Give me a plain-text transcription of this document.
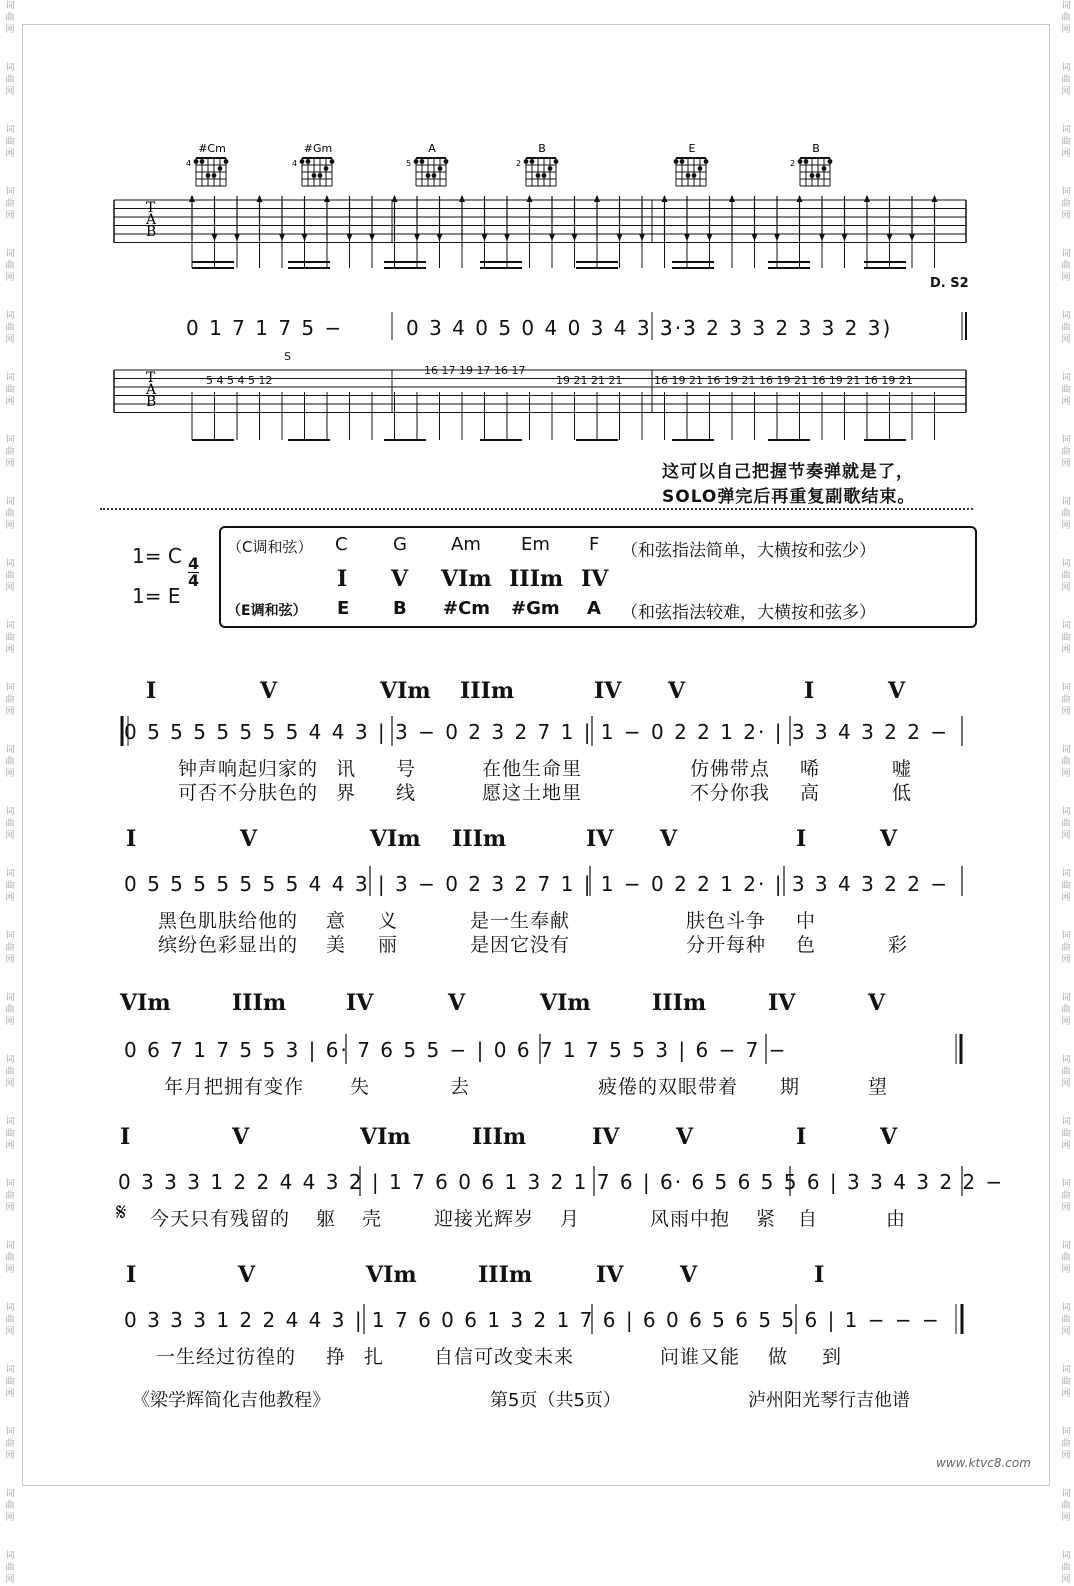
词
曲
网
词
曲
网
词
曲
网
词
曲
网
词
曲
网
词
曲
网
词
曲
网
词
曲
网
词
曲
网
词
曲
网
词
曲
网
词
曲
网
词
曲
网
词
曲
网
词
曲
网
词
曲
网
词
曲
网
词
曲
网
词
曲
网
词
曲
网
词
曲
网
词
曲
网
词
曲
网
词
曲
网
词
曲
网
词
曲
网
词
曲
网
词
曲
网
词
曲
网
词
曲
网
词
曲
网
词
曲
网
词
曲
网
词
曲
网
词
曲
网
词
曲
网
词
曲
网
词
曲
网
词
曲
网
词
曲
网
词
曲
网
词
曲
网
词
曲
网
词
曲
网
词
曲
网
词
曲
网
词
曲
网
词
曲
网
词
曲
网
词
曲
网
词
曲
网
词
曲
网
#Cm
4
#Gm
4
A
5
B
2
E	B
2
T
A
B
T
A
B
D. S2
0 1 7 1 7 5 −	0 3 4 0 5 0 4 0 3 4 3 3 3
3·3 2 3 3 2 3 3 2 3)
S
5 4 5 4 5 12
16 17 19 17 16 17
19 21 21 21	16 19 21 16 19 21 16 19 21 16 19 21 16 19 21
这可以自己把握节奏弹就是了，
SOLO弹完后再重复副歌结束。
1= C
1= E
4
4
（C调和弦） C	G Am Em F （和弦指法简单，大横按和弦少）
I V VIm IIIm IV
（E调和弦） E B #Cm #Gm A （和弦指法较难，大横按和弦多）
I	V	VIm IIIm	IV V	I	V
0 5 5 5 5 5 5 5 4 4 3 | 3 − 0 2 3 2 7 1 | 1 − 0 2 2 1 2· | 3 3 4 3 2 2 −
钟声响起归家的 讯 号	在他生命里	仿佛带点 唏	嘘
可否不分肤色的 界 线	愿这土地里	不分你我 高	低
I	V	VIm IIIm	IV V	I	V
0 5 5 5 5 5 5 5 4 4 3 | 3 − 0 2 3 2 7 1 | 1 − 0 2 2 1 2· | 3 3 4 3 2 2 −
黑色肌肤给他的 意 义	是一生奉献	肤色斗争 中
缤纷色彩显出的 美 丽	是因它没有	分开每种 色	彩
VIm	IIIm	IV	V	VIm	IIIm	IV	V
0 6 7 1 7 5 5 3 | 6· 7 6 5 5 − | 0 6 7 1 7 5 5 3 | 6 − 7 −
年月把拥有变作 失	去	疲倦的双眼带着 期	望
I	V	VIm	IIIm	IV	V	I	V
0 3 3 3 1 2 2 4 4 3 2 | 1 7 6 0 6 1 3 2 1 7 6 | 6· 6 5 6 5 5 6 | 3 3 4 3 2 2 −
𝄋 今天只有残留的 躯 壳	迎接光辉岁 月	风雨中抱 紧 自	由
I	V	VIm	IIIm	IV	V	I
0 3 3 3 1 2 2 4 4 3 | 1 7 6 0 6 1 3 2 1 7 6 | 6 0 6 5 6 5 5 6 | 1 − − −
一生经过彷徨的 挣 扎	自信可改变未来	问谁又能 做 到
《梁学辉简化吉他教程》	第5页（共5页）	泸州阳光琴行吉他谱
www.ktvc8.com
